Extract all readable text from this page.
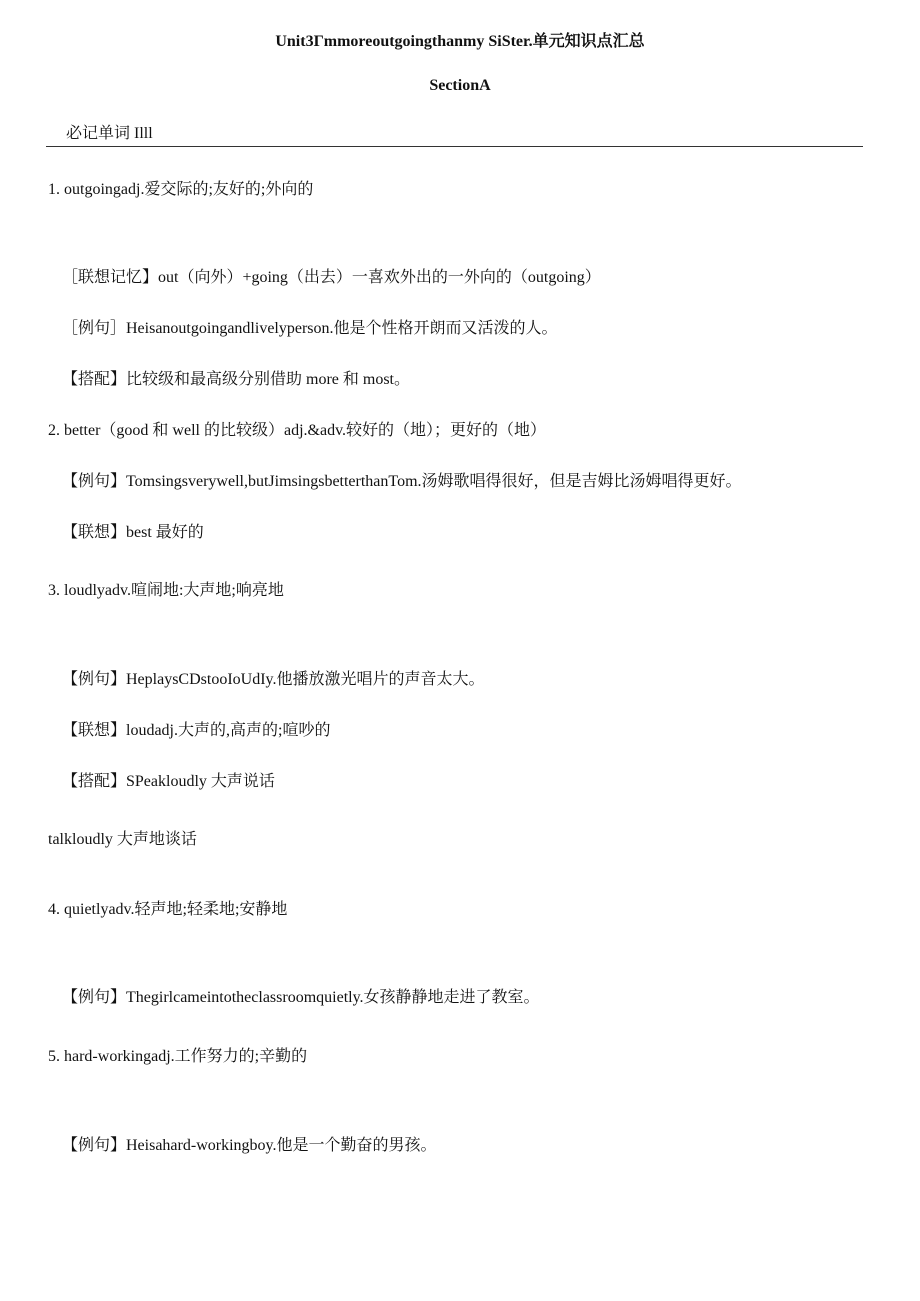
Unit3Γmmoreoutgoingthanmy SiSter.单元知识点汇总
SectionA
必记单词 Illl
1. outgoingadj.爱交际的;友好的;外向的
［联想记忆】out（向外）+going（出去）一喜欢外出的一外向的（outgoing）
［例句］Heisanoutgoingandlivelyperson.他是个性格开朗而又活泼的人。
【搭配】比较级和最高级分别借助 more 和 most。
2. better（good 和 well 的比较级）adj.&adv.较好的（地）；更好的（地）
【例句】Tomsingsverywell,butJimsingsbetterthanTom.汤姆歌唱得很好，但是吉姆比汤姆唱得更好。
【联想】best 最好的
3. loudlyadv.喧闹地:大声地;响亮地
【例句】HeplaysCDstooIoUdIy.他播放激光唱片的声音太大。
【联想】loudadj.大声的,高声的;喧吵的
【搭配】SPeakloudly 大声说话
talkloudly 大声地谈话
4. quietlyadv.轻声地;轻柔地;安静地
【例句】Thegirlcameintotheclassroomquietly.女孩静静地走进了教室。
5. hard-workingadj.工作努力的;辛勤的
【例句】Heisahard-workingboy.他是一个勤奋的男孩。
